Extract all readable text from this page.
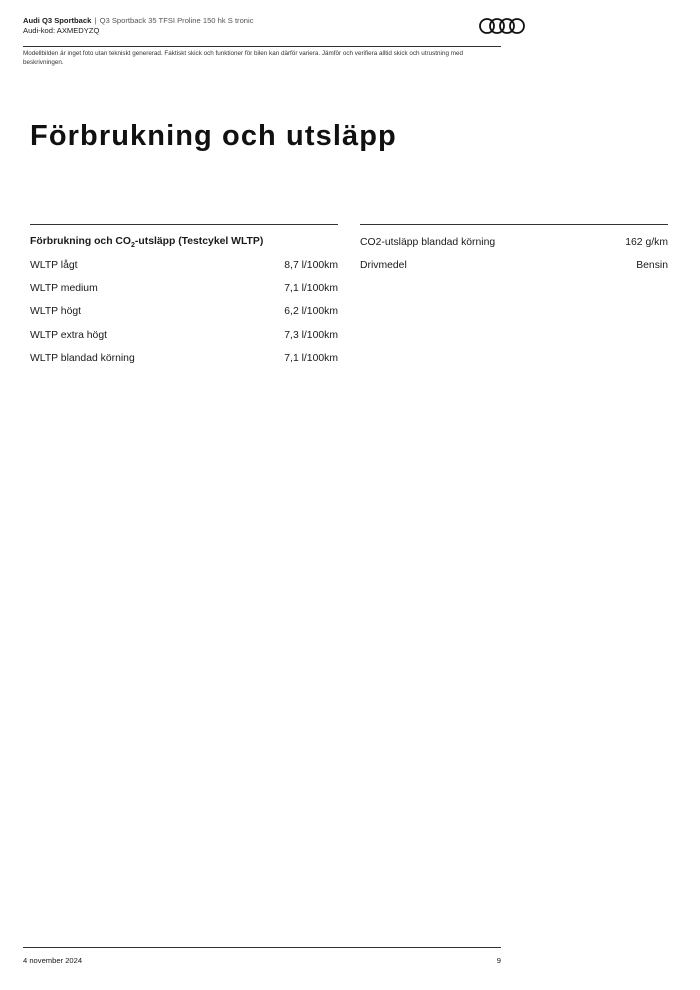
Audi Q3 Sportback | Q3 Sportback 35 TFSI Proline 150 hk S tronic
Audi-kod: AXMEDYZQ
Modellbilden är inget foto utan tekniskt genererad. Faktiskt skick och funktioner för bilen kan därför variera. Jämför och verifiera alltid skick och utrustning med beskrivningen.
Förbrukning och utsläpp
Förbrukning och $CO_2$-utsläpp (Testcykel WLTP)
WLTP lågt	8,7 l/100km
WLTP medium	7,1 l/100km
WLTP högt	6,2 l/100km
WLTP extra högt	7,3 l/100km
WLTP blandad körning	7,1 l/100km
CO2-utsläpp blandad körning	162 g/km
Drivmedel	Bensin
4 november 2024	9
